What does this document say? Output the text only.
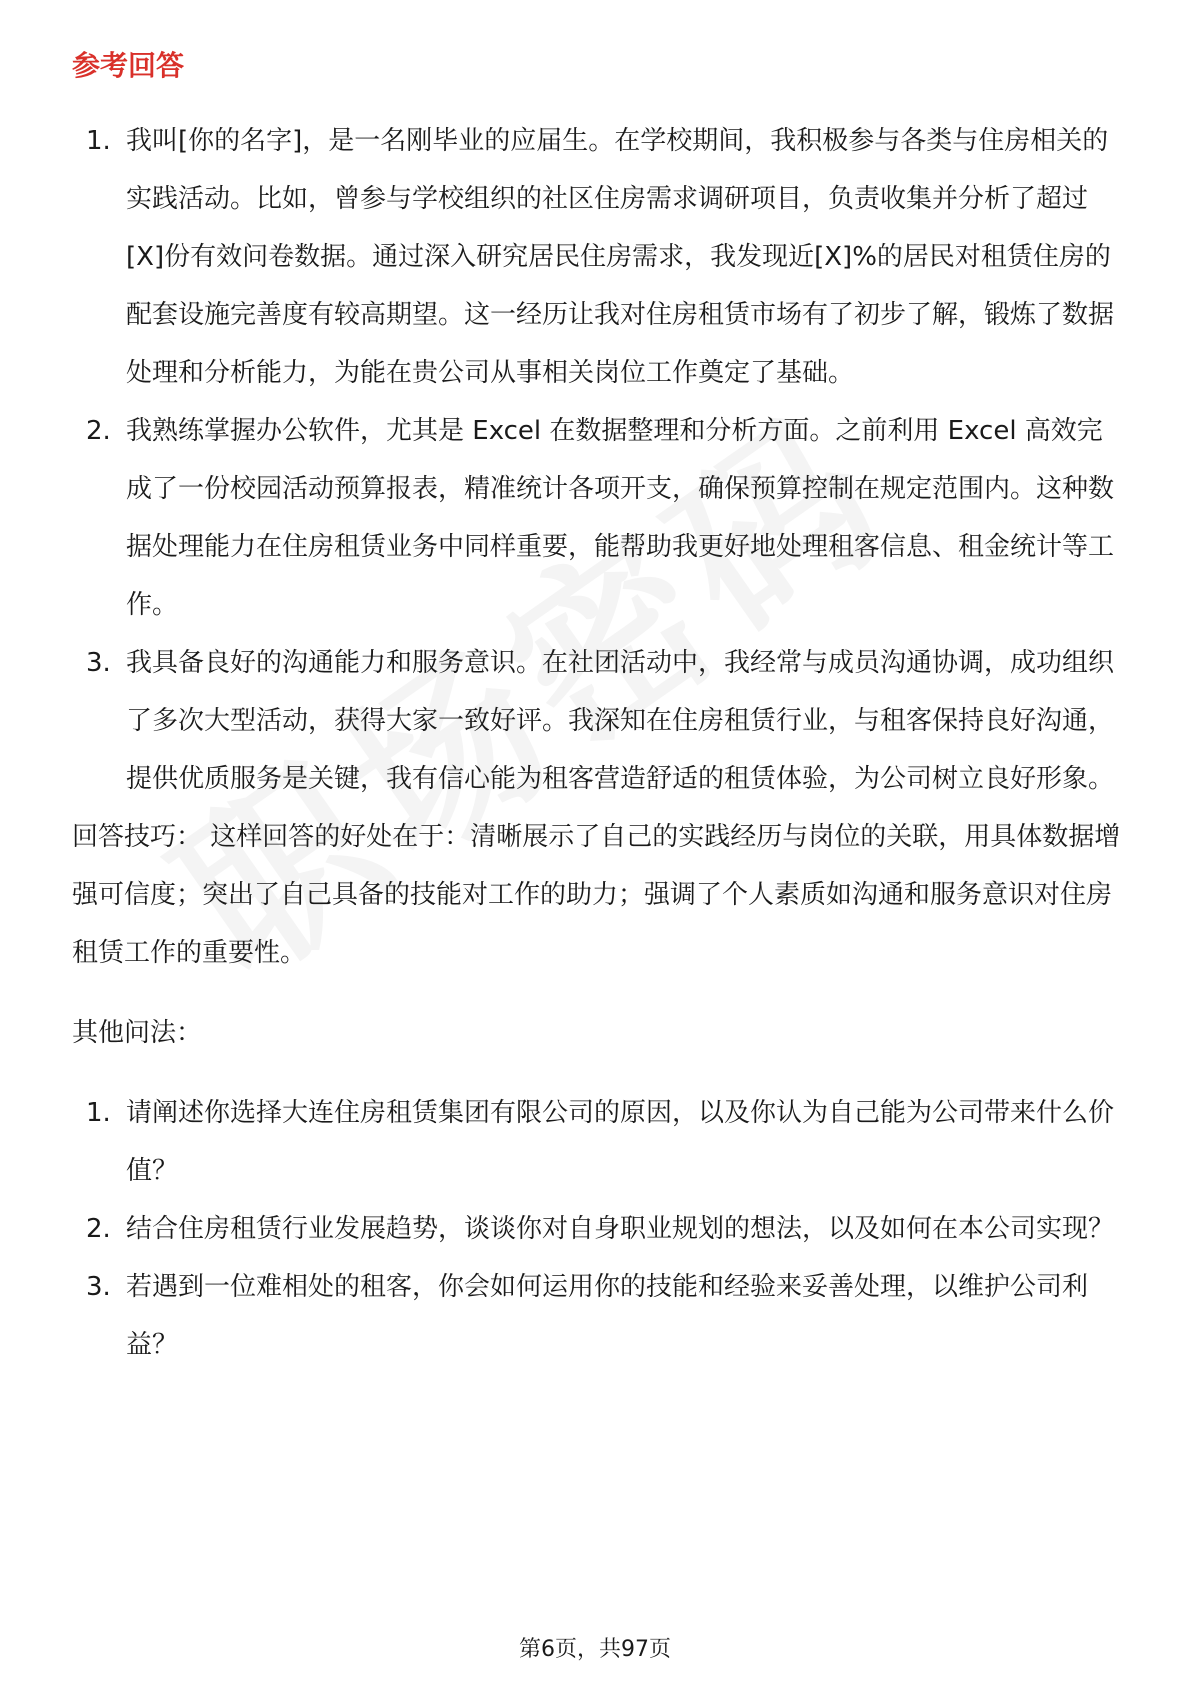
参考回答
1. 我叫[你的名字]，是一名刚毕业的应届生。在学校期间，我积极参与各类与住房相关的实践活动。比如，曾参与学校组织的社区住房需求调研项目，负责收集并分析了超过[X]份有效问卷数据。通过深入研究居民住房需求，我发现近[X]%的居民对租赁住房的配套设施完善度有较高期望。这一经历让我对住房租赁市场有了初步了解，锻炼了数据处理和分析能力，为能在贵公司从事相关岗位工作奠定了基础。
2. 我熟练掌握办公软件，尤其是 Excel 在数据整理和分析方面。之前利用 Excel 高效完成了一份校园活动预算报表，精准统计各项开支，确保预算控制在规定范围内。这种数据处理能力在住房租赁业务中同样重要，能帮助我更好地处理租客信息、租金统计等工作。
3. 我具备良好的沟通能力和服务意识。在社团活动中，我经常与成员沟通协调，成功组织了多次大型活动，获得大家一致好评。我深知在住房租赁行业，与租客保持良好沟通，提供优质服务是关键，我有信心能为租客营造舒适的租赁体验，为公司树立良好形象。

回答技巧： 这样回答的好处在于：清晰展示了自己的实践经历与岗位的关联，用具体数据增强可信度；突出了自己具备的技能对工作的助力；强调了个人素质如沟通和服务意识对住房租赁工作的重要性。

其他问法：

1. 请阐述你选择大连住房租赁集团有限公司的原因，以及你认为自己能为公司带来什么价值？
2. 结合住房租赁行业发展趋势，谈谈你对自身职业规划的想法，以及如何在本公司实现？
3. 若遇到一位难相处的租客，你会如何运用你的技能和经验来妥善处理，以维护公司利益？
第6页，共97页
